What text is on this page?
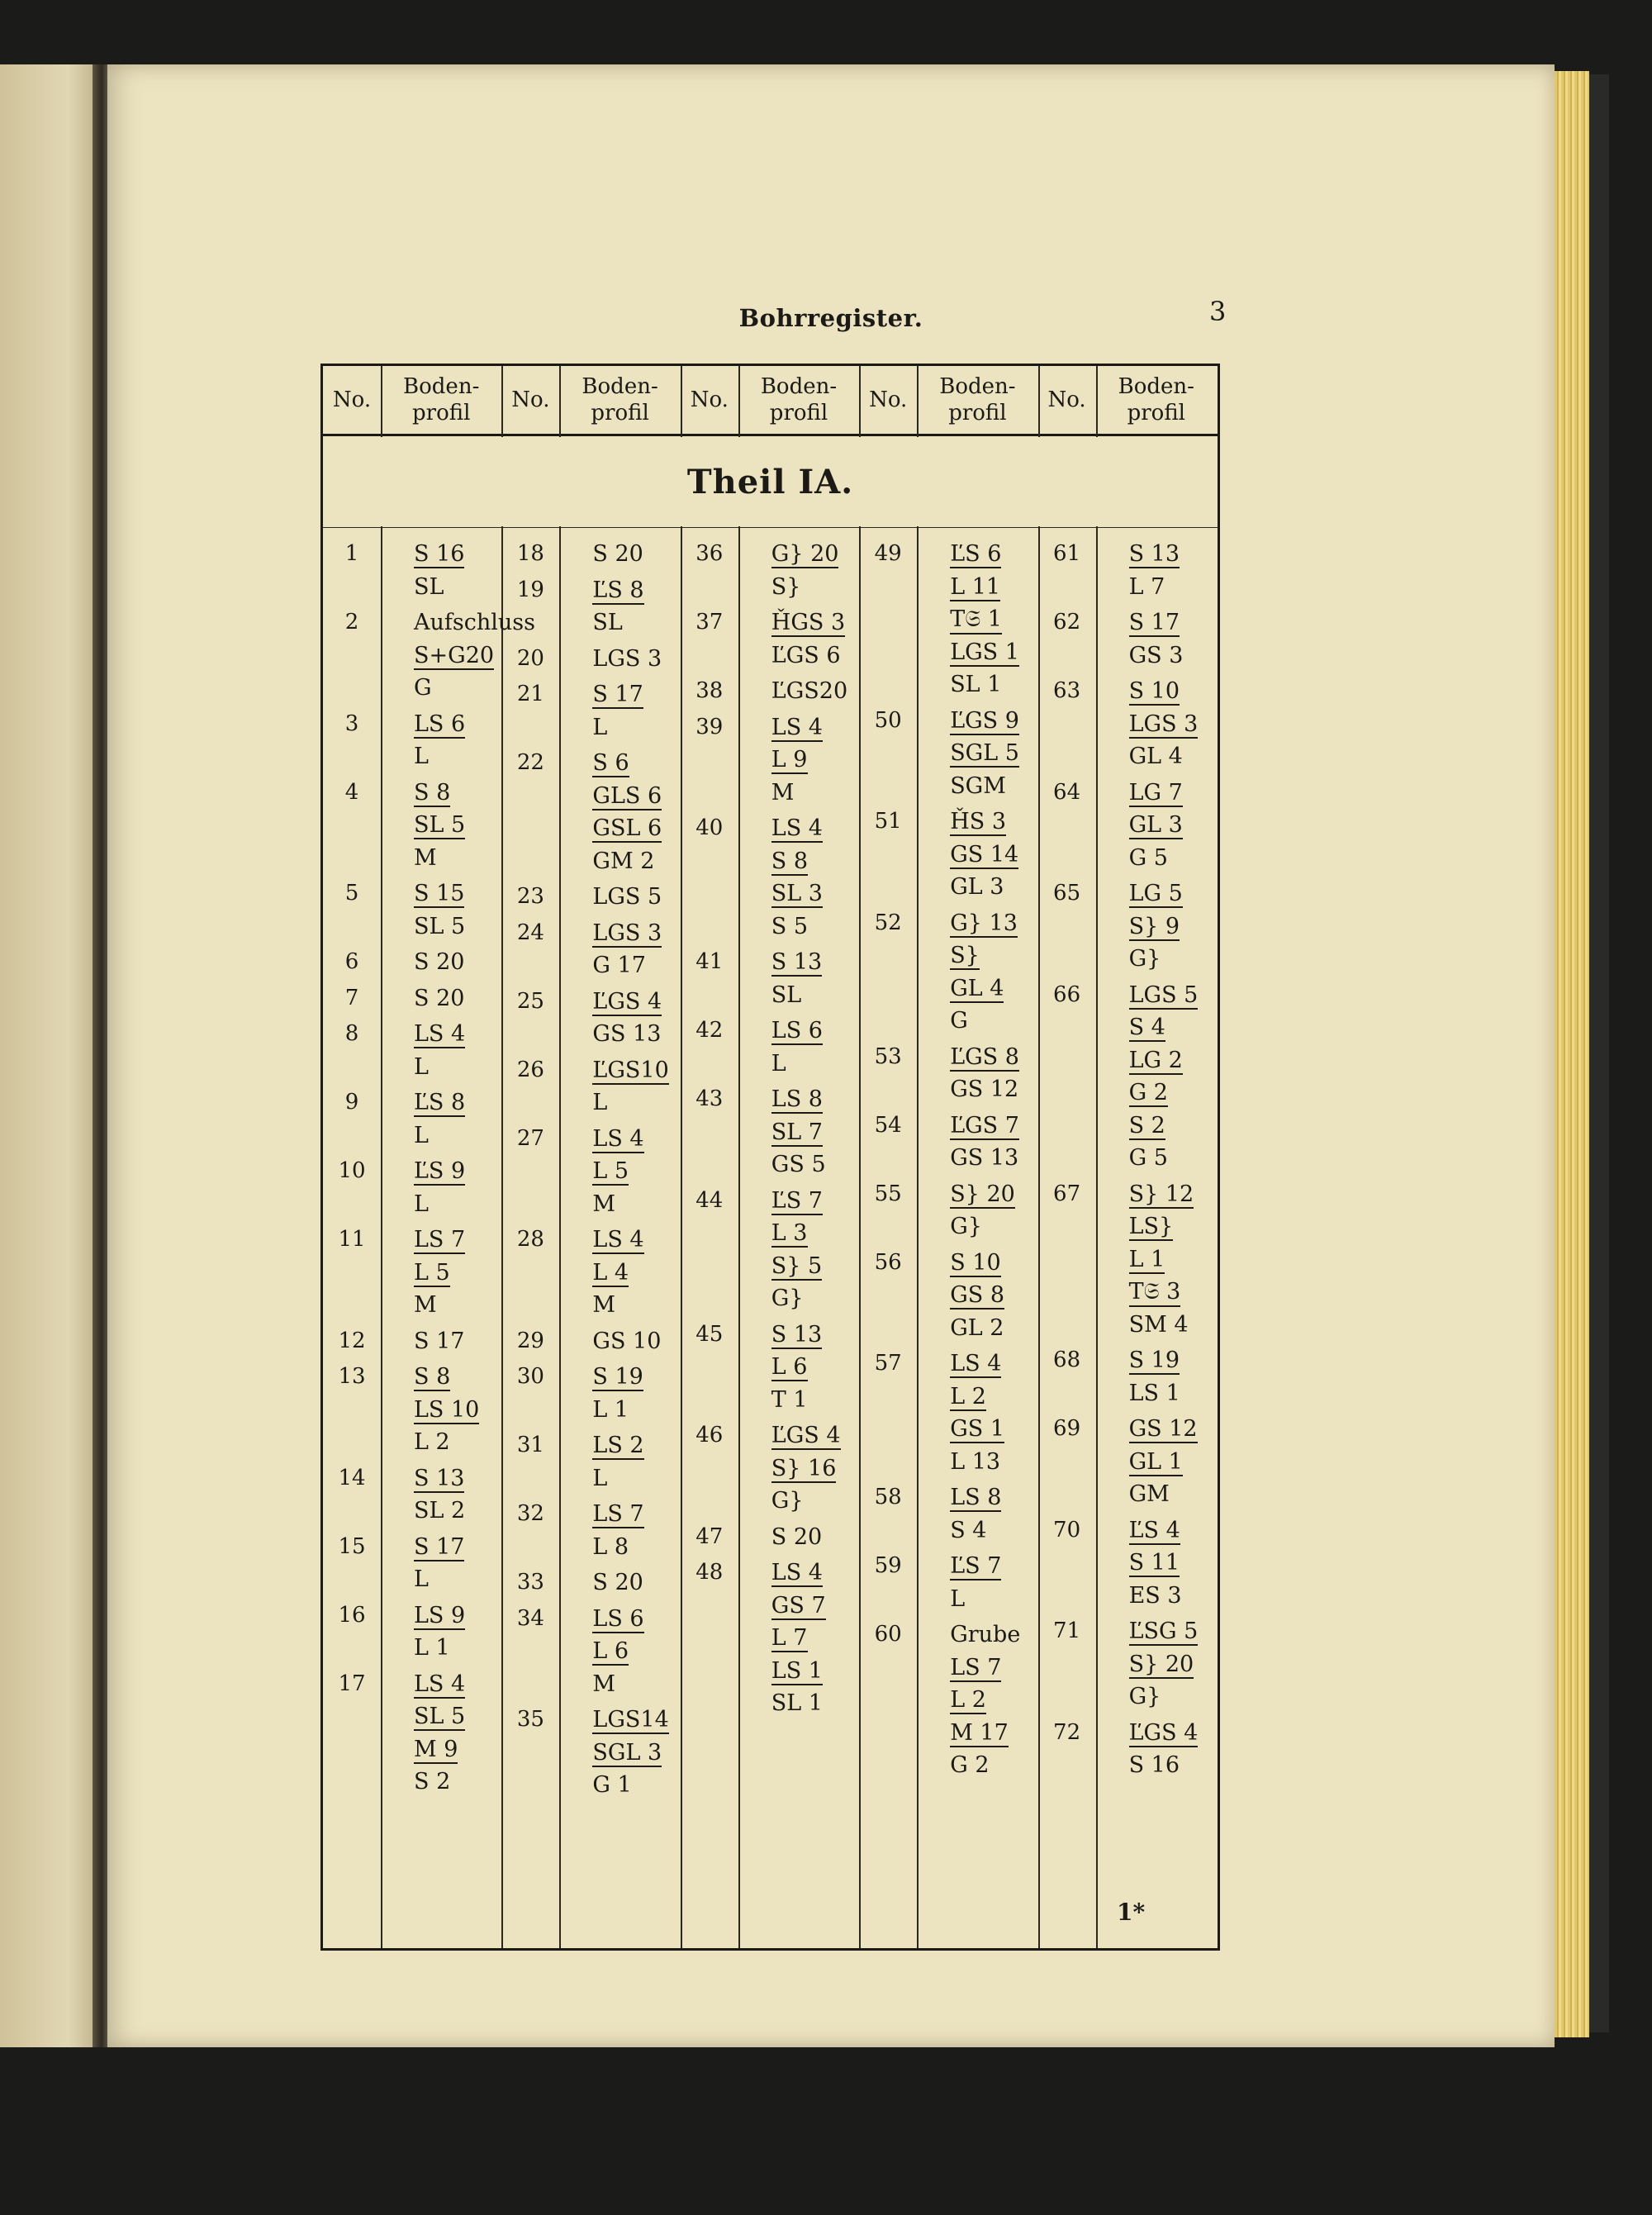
Bohrregister.	3
No.
Boden-
profil
No.
Boden-
profil
No.
Boden-
profil
No.
Boden-
profil
No.
Boden-
profil
Theil IA.
1	S 16
SL
2	Aufschluss
S+G20
G
3	LS 6
L
4	S 8
SL 5
M
5	S 15
SL 5
6	S 20
7	S 20
8	LS 4
L
9	ĽS 8
L
10	ĽS 9
L
11	LS 7
L 5
M
12	S 17
13	S 8
LS 10
L 2
14	S 13
SL 2
15	S 17
L
16	LS 9
L 1
17	LS 4
SL 5
M 9
S 2
18	S 20
19	ĽS 8
SL
20	LGS 3
21	S 17
L
22	S 6
GLS 6
GSL 6
GM 2
23	LGS 5
24	LGS 3
G 17
25	ĽGS 4
GS 13
26	ĽGS10
L
27	LS 4
L 5
M
28	LS 4
L 4
M
29	GS 10
30	S 19
L 1
31	LS 2
L
32	LS 7
L 8
33	S 20
34	LS 6
L 6
M
35	LGS14
SGL 3
G 1
36	G} 20
S}
37	ȞGS 3
ĽGS 6
38	ĽGS20
39	LS 4
L 9
M
40	LS 4
S 8
SL 3
S 5
41	S 13
SL
42	LS 6
L
43	LS 8
SL 7
GS 5
44	ĽS 7
L 3
S} 5
G}
45	S 13
L 6
T 1
46	ĽGS 4
S} 16
G}
47	S 20
48	LS 4
GS 7
L 7
LS 1
SL 1
49	ĽS 6
L 11
T𝔖 1
LGS 1
SL 1
50	ĽGS 9
SGL 5
SGM
51	ȞS 3
GS 14
GL 3
52	G} 13
S}
GL 4
G
53	ĽGS 8
GS 12
54	ĽGS 7
GS 13
55	S} 20
G}
56	S 10
GS 8
GL 2
57	LS 4
L 2
GS 1
L 13
58	LS 8
S 4
59	ĽS 7
L
60	Grube
LS 7
L 2
M 17
G 2
61	S 13
L 7
62	S 17
GS 3
63	S 10
LGS 3
GL 4
64	LG 7
GL 3
G 5
65	LG 5
S} 9
G}
66	LGS 5
S 4
LG 2
G 2
S 2
G 5
67	S} 12
LS}
L 1
T𝔖 3
SM 4
68	S 19
LS 1
69	GS 12
GL 1
GM
70	ĽS 4
S 11
ES 3
71	ĽSG 5
S} 20
G}
72	ĽGS 4
S 16
1*
